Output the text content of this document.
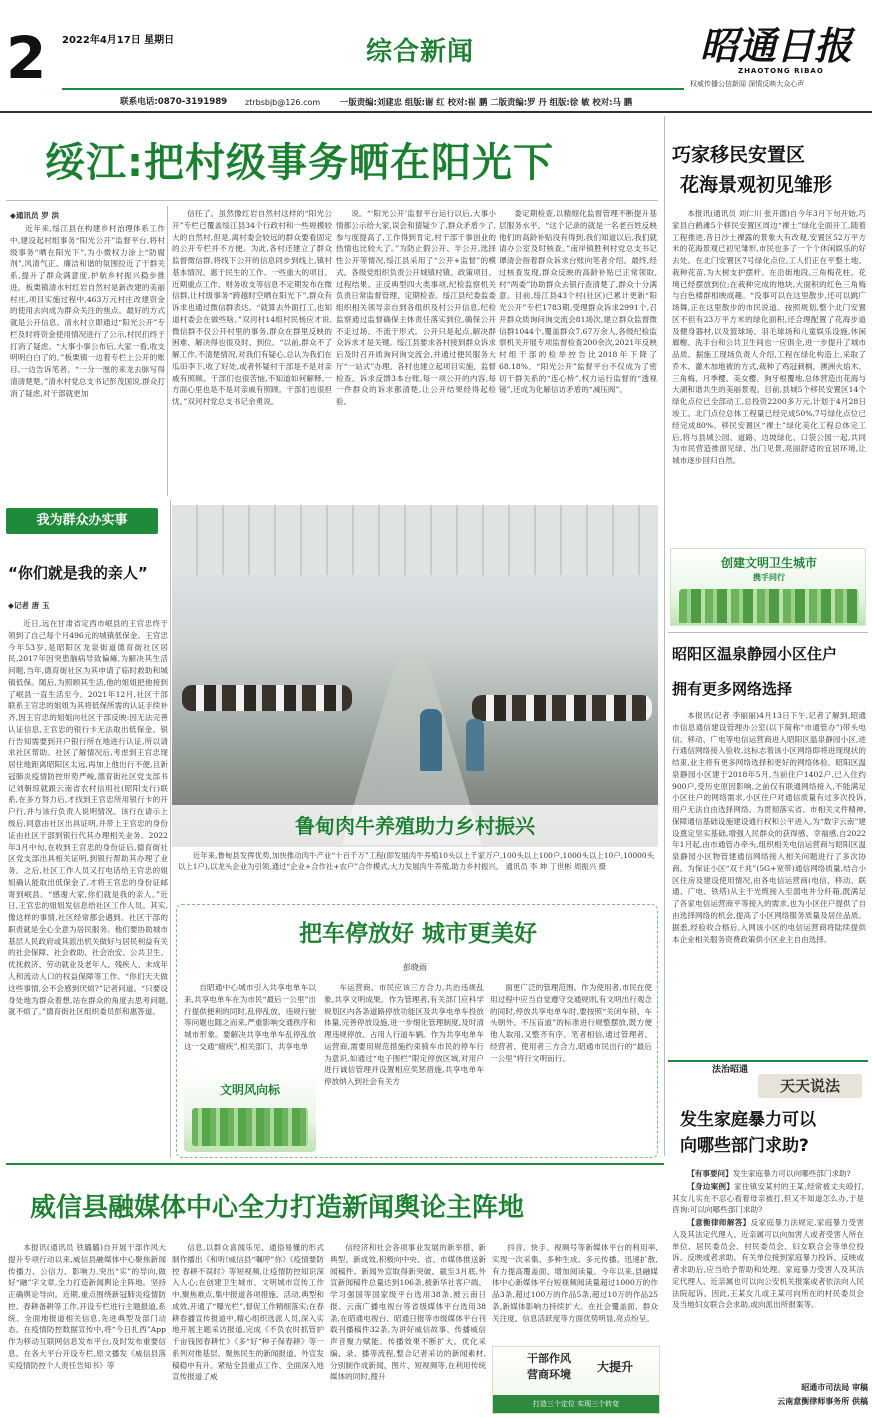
2	2022年4月17日 星期日	综合新闻	昭通日报
ZHAOTONG RIBAO
权威传播公信新闻 深情反映大众心声
联系电话:0870-3191989	ztrbsbjb@126.com	一版责编:刘建忠 组版:谢 红 校对:崔 鹏 二版责编:罗 丹 组版:徐 敏 校对:马 鹏
绥江:把村级事务晒在阳光下
◆通讯员 罗 洪

近年来,绥江县在构建乡村治理体系工作中,建设起村组事务“阳光公开”监督平台,将村级事务“晒在阳光下”,为小微权力涂上“防腐剂”,风清气正、廉洁和谐的氛围拉近了干群关系,提升了群众满意度,护航乡村振兴稳步推进。板栗镇清水村红岩自然村是新改建的美丽村庄,项目实施过程中,463万元村庄改建资金的使用去向成为群众关注的焦点。最好的方式就是公开信息。清水村立即通过“阳光公开”专栏及时将资金使用情况进行了公示,村民们终于打消了疑虑。“大事小事公布后,大家一看,收支明明白白了的。”板栗镇一边着专栏上公开的账目,一边告诉笔者。“一分一厘的来龙去脉写得清清楚楚。”清水村党总支书记彭茂国说,群众打消了疑虑,对干部就更加

信任了。虽然像红岩自然村这样的“阳光公开”专栏已覆盖绥江县34个行政村和一些规模较大的自然村,但是,离村委会较远的群众要看固定的公开专栏并不方便。为此,各村还建立了群众监督微信群,将线下公开的信息同步到线上,镇村基本情况、惠于民生的工作、一些重大的项目、近期重点工作、财务收支等信息不定期发布在微信群,让村级事务“跨越时空晒在阳光下”,群众有诉求也通过微信群表达。“就算去外面打工,也知道村委会在做些啥。”双河村14组村民杨应才说,微信群不仅公开村里的事务,群众在群里反映的困难、解决得也很及时、到位。“以前,群众不了解工作,不清楚情况,对我们有疑心,总认为我们在瓜田李下,收了好处,或者怀疑村干部是不是对亲戚有照顾。干部们也很苦恼,不知道如何解释,一方面心里也是不是对亲戚有照顾。干部们也很担忧。”双河村党总支书记余勇说。

说。“‘阳光公开’监督平台运行以后,大事小情都公示给大家,误会和猜疑少了,群众矛盾少了,参与度提高了,工作得到肯定,村干部干事创业的热情也比较大了。”为防止假公开、半公开,选择性公开等情况,绥江县采用了“公开+监督”的模式。各级党组织负责公开城镇村镇、政策项目、过程结果、正反典型四大类事项,纪检监察机关负责日常监督管理、定期检查。绥江县纪委监委组织相关领导亲自到各组织及村公开信息,纪检监察通过监督确保主体责任落实到位,确保公开不走过场、不流于形式。公开只是起点,解决群众诉求才是关键。绥江县要求各村接到群众诉求后及时召开质询问询交流会,并通过便民服务大厅“一站式”办理。各村也建立起项目实施、监督检查、诉求反馈3本台账,每一项公开的内容,每一件群众的诉求都清楚,让公开结果经得起检验。

委定期检查,以精细化监督管理不断提升基层服务水平。“这个记录的就是一名老百姓反映他们的高龄补贴没有得到,我们知道以后,我们就请办公室及时核查。”南岸镇胜利村党总支书记谭清会指着群众诉求台账向笔者介绍。最终,经过核查发现,群众反映的高龄补贴已正常领取,村“两委”协助群众去银行查清楚了,群众十分满意。目前,绥江县43个村(社区)已累计更新“阳光公开”专栏1783期,受理群众诉求2991个,召开群众质询问询交流会81场次,建立群众监督微信群1044个,覆盖群众7.67万余人,各级纪检监察机关开展专项监督检查200余次,2021年反映村组干部的检举控告比2018年下降了68.18%。“阳光公开”监督平台不仅成为了密切干群关系的“连心桥”,权力运行监督的“透视镜”,还成为化解信访矛盾的“减压阀”。

巧家移民安置区
花海景观初见雏形

本报讯(通讯员 刘仁川 张开德)自今年3月下旬开始,巧家县白鹤滩5个移民安置区周边“裸土”绿化全面开工,随着工程推进,昔日沙土裸露的景象大有改观,安置区52万平方米的花海景观已初见雏形,市民也多了一个个休闲娱乐的好去处。在北门安置区7号绿化点位,工人们正在平整土地、栽种花苗,为大树支护摆杆。在沿街地段,三角梅花柱、花境已经摆放到位;在栽种完成的地块,大面积的红色三角梅与白色楼群相映成趣。“没事可以在这里散步,还可以跳广场舞,正在这里散步的市民说道。按照规划,整个北门安置区不但有23万平方米的绿化面积,还合理配置了花海步道及健身器材,以及篮球场、羽毛球场和儿童娱乐设施,休闲廊榭、洗手台和公共卫生间也一应俱全,进一步提升了城市品质。据施工现场负责人介绍,工程在绿化构造上,采取了乔木、灌木加地被的方式,栽种了鸡冠刺桐、澳洲火焰木、三角梅、月季樱、美女樱、狗牙根覆地,总体营造出花海与大湖和谐共生的美丽景观。目前,县城5个移民安置区14个绿化点位已全部动工,总投资2200多万元,计划于4月28日竣工。北门点位总体工程量已经完成50%,7号绿化点位已经完成80%。移民安置区“裸土”绿化美化工程总体完工后,将与县城公园、道路、边坡绿化、口袋公园一起,共同为市民营造推窗见绿、出门见景,亮丽舒适的宜居环境,让城市逐步回归自然。

创建文明卫生城市
携手同行
昭阳区温泉静园小区住户
拥有更多网络选择

本报讯(记者 李丽丽)4月13日下午,记者了解到,昭通市信息通信建设管理办公室(以下简称“市通管办”)带头电信、移动、广电等电信运营商进入昭阳区温泉静园小区,进行通信网络接入验收,这标志着该小区网络即将进现现状的结束,业主将有更多网络选择和更好的网络体验。昭阳区温泉静园小区建于2018年5月,当前住户1402户,已入住约900户,受历史原因影响,之前仅有联通网络接入,不能满足小区住户的网络需求,小区住户对通信质量有过多次投诉,用户无法自由选择网络。为贯彻落实省、市相关文件精神,保障通信基础设施建设通行权和公平进入,为“数字云南”建设奠定坚实基础,增强人民群众的获得感、幸福感,自2022年1月起,由市通管办牵头,组织相关电信运营商与昭阳区温泉静园小区物管建通信网络接入相关问题进行了多次协商。为保证小区“双千兆”(5G+宽带)通信网络质量,结合小区住房及建设使用情况,由各电信运营商(电信、移动、联通、广电、铁塔)从主干光缆接入至弱电井分纤箱,既满足了各家电信运营商平等接入的需求,也为小区住户提供了自由选择网络的机会,提高了小区网络服务质量及居住品质。据悉,经验收合格后,入网该小区的电信运营商将陆续提供本企业相关服务资费政策供小区业主自由选择。

法治昭通
天天说法
发生家庭暴力可以
向哪些部门求助?

【有事要问】发生家庭暴力可以向哪些部门求助?

【身边案例】家住镇安某村的王某,经常被丈夫殴打,其女儿实在不忍心看着母亲被打,但又不知道怎么办,于是咨询:可以向哪些部门求助?

【意衡律师解答】反家庭暴力法规定,家庭暴力受害人及其法定代理人、近亲属可以向加害人或者受害人所在单位、居民委员会、村民委员会、妇女联合会等单位投诉、反映或者求助。有关单位接到家庭暴力投诉、反映或者求助后,应当给予帮助和处理。家庭暴力受害人及其法定代理人、近亲属也可以向公安机关报案或者依法向人民法院起诉。因此,王某女儿或王某可向所在的村民委员会及当地妇女联合会求助,或向派出所报案等。

昭通市司法局 审稿
云南意衡律师事务所 供稿
我为群众办实事
“你们就是我的亲人”
◆记者 唐 玉

近日,远在甘肃省定西市岷县的王官忠终于领到了自己每个月496元的城镇低保金。王官忠今年53岁,是昭阳区龙泉街道德育街社区居民,2017年因突患脑病导致偏瘫,为解决其生活问题,当年,德育街社区为其申请了临时救助和城镇低保。随后,为照顾其生活,他的姐姐把他接到了岷县一直生活至今。2021年12月,社区干部联系王官忠的姐姐为其将低保所需的认证手续补齐,因王官忠的姐姐向社区干部反映:因无法完善认证信息,王官忠的银行卡无法取出低保金。银行告知需要到开户银行所在地进行认证,所以请求社区帮助。社区了解情况后,考虑到王官忠现居住地距离昭阳区太远,再加上他出行不便,且新冠肺炎疫情防控形势严峻,德育街社区党支部书记刘朝琼就跟云南省农村信用社(昭阳支行)联系,在多方努力后,才找到王官忠所用银行卡的开户行,并与该行负责人说明情况。该行在请示上级后,同意由社区出具证明,并带上王官忠的身份证由社区干部到银行代其办理相关业务。2022年3月中旬,在收到王官忠的身份证后,德育街社区党支部出具相关证明,到银行帮助其办理了业务。之后,社区工作人员又打电话给王官忠的姐姐确认能取出低保金了,才将王官忠的身份证邮寄到岷县。“感谢大家,你们就是我的亲人。”近日,王官忠的姐姐发信息给社区工作人员。其实,像这样的事情,社区经常都会遇到。社区干部的职责就是全心全意为居民服务。他们要协助城市基层人民政府或其派出机关做好与居民利益有关的社会保障、社会救助、社会治安、公共卫生、优抚救济、劳动就业及老年人、残疾人、未成年人和流动人口的权益保障等工作。“你们天天做这些事情,会不会感到厌烦?”记者问道。“只要设身处地为群众着想,站在群众的角度去思考问题,就不烦了。”德育街社区组织委员彭和惠答道。

鲁甸肉牛养殖助力乡村振兴

近年来,鲁甸县发挥优势,加快推动肉牛产业“十百千万”工程(即发展肉牛养殖10头以上千家万户,100头以上100户,1000头以上10户,10000头以上1户),以龙头企业为引领,通过“企业+合作社+农户”合作模式,大力发展肉牛养殖,助力乡村振兴。 通讯员 李 坤 丁世彬 周振兴 摄

把车停放好 城市更美好
彭晓雨

自昭通中心城市引入共享电单车以来,共享电单车在为市民“最后一公里”出行提供便利的同时,乱停乱放、违规行驶等问题也随之而来,严重影响交通秩序和城市形象。要解决共享电单车乱停乱放这一交通“痼疾”,相关部门、共享电单

文明风向标

车运营商、市民应该三方合力,共治违规乱象,共享文明成果。作为管理者,有关部门应科学规划区内各条道路停放功能区及共享电单车投放体量,完善停放设施,进一步细化管理制度,及时清理违规停放、占用人行道车辆。作为共享电单车运营商,需要用规范措施约束骑车市民的停车行为意识,如通过“电子围栏”限定停放区域,对用户进行诚信管理并设置相应奖惩措施,共享电单车停放纳入到社会有关方

面更广泛的管理范围。作为使用者,市民在使用过程中应当自觉遵守交通规则,有文明出行观念的同时,停放共享电单车时,要按照“关闭车锁、车头朝外、不压盲道”的标准进行规整摆放,既方便他人取用,又整齐有序。笔者相信,通过管理者、经营者、使用者三方合力,昭通市民出行的“最后一公里”将行文明而行。

威信县融媒体中心全力打造新闻舆论主阵地

本报讯(通讯员 铁璐璐)自开展干部作风大提升专项行动以来,威信县融媒体中心聚焦新闻传播力、公信力、影响力,突出“实”的导向,做好“融”字文章,全力打造新闻舆论主阵地。坚持正确舆论导向。近期,重点围绕新冠肺炎疫情防控、春耕备耕等工作,开设专栏进行主题报道,系统、全面地报道相关信息,先进典型及部门动态。在疫情防控数据宣传中,将“今日扎西”App作为移动互联网信息发布平台,及时发布重要信息。在各大平台开设专栏,原文播发《威信县落实疫情防控个人责任告知书》等

信息,以群众喜闻乐见、通俗易懂的形式制作播出《和听!威信县“嘱哼”你》《疫情要防控 春耕不误时》等短视频,让疫情防控知识深入人心;在创建卫生城市、文明城市宣传工作中,聚焦难点,集中报道各项措施、活动,典型和成效,开通了“曝光栏”,督促工作精细落实;在春耕春播宣传报道中,精心组织选派人员,深入实地开展主题采访报道,完成《不负农时抓管护 千亩钱园春耕忙》《多“好”种子保春耕》等一系列对推基层、聚焦民生的新闻报道。外宣发稿稳中有升。紧贴全县重点工作、全面深入地宣传报道了威

信经济和社会各项事业发展的新举措、新典型、新成效,积极向中央、省、市媒体推送新闻稿件。新闻外宣取得新突破。截至3月底,外宣新闻稿件总量达到106条,被新华社客户端、学习强国等国家级平台选用38条,被云南日报、云南广播电视台等省级媒体平台选用38条,在昭通电视台、昭通日报等市级媒体平台刊载刊播稿件32条,为讲好威信故事、传播威信声音聚力赋能。传播效果不断扩大。优化采编、录、播等流程,整合记者采访的新闻素材,分别制作成新闻、图片、短视频等,在利用传统媒体的同时,搜升

抖音、快手、视频号等新媒体平台的利用率,实现一次采集、多种生成、多元传播。迅速扩散,有力提高覆盖面、增加阅读量。今年以来,县融媒体中心新媒体平台短视频阅读量超过1000万的作品3条,超过100万的作品5条,超过10万的作品25条,新媒体影响力持续扩大。在社会覆盖面、群众关注度、信息活跃度等方面优势明显,亮点纷呈。

干部作风
营商环境
大提升
打造三个定位 实现三个转变
